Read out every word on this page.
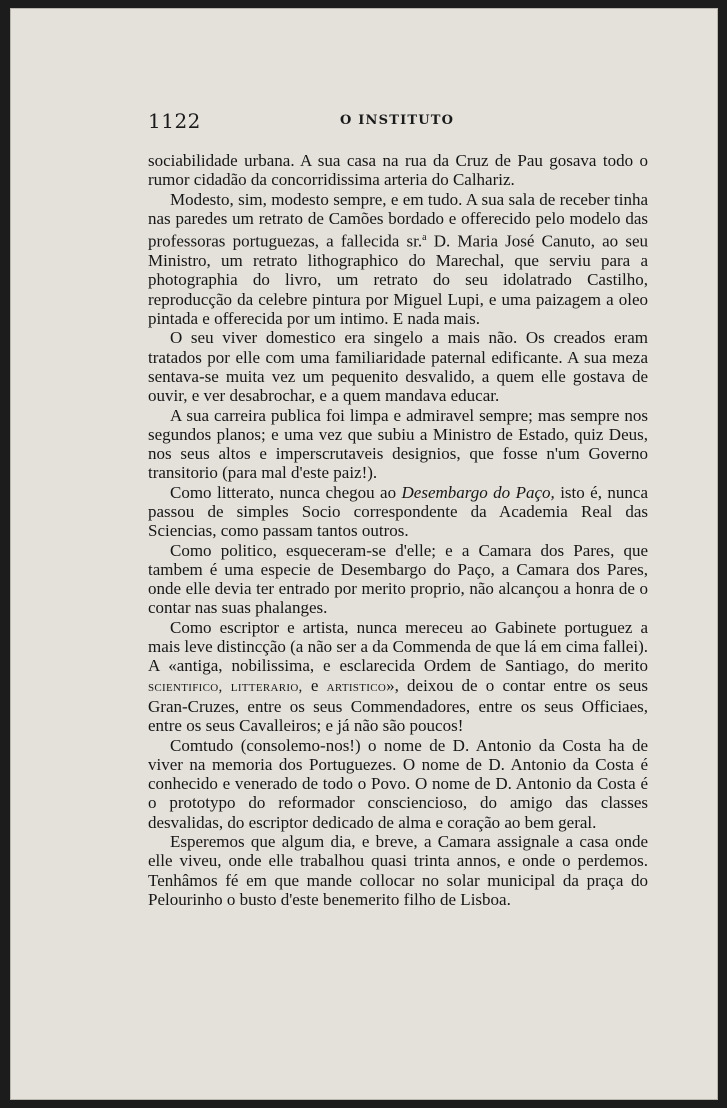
1122	O INSTITUTO

sociabilidade urbana. A sua casa na rua da Cruz de Pau gosava todo o rumor cidadão da concorridissima arteria do Calhariz.

Modesto, sim, modesto sempre, e em tudo. A sua sala de receber tinha nas paredes um retrato de Camões bordado e offerecido pelo modelo das professoras portuguezas, a fallecida sr.$^a$ D. Maria José Canuto, ao seu Ministro, um retrato lithographico do Marechal, que serviu para a photographia do livro, um retrato do seu idolatrado Castilho, reproducção da celebre pintura por Miguel Lupi, e uma paizagem a oleo pintada e offerecida por um intimo. E nada mais.

O seu viver domestico era singelo a mais não. Os creados eram tratados por elle com uma familiaridade paternal edificante. A sua meza sentava-se muita vez um pequenito desvalido, a quem elle gostava de ouvir, e ver desabrochar, e a quem mandava educar.

A sua carreira publica foi limpa e admiravel sempre; mas sempre nos segundos planos; e uma vez que subiu a Ministro de Estado, quiz Deus, nos seus altos e imperscrutaveis designios, que fosse n'um Governo transitorio (para mal d'este paiz!).

Como litterato, nunca chegou ao Desembargo do Paço, isto é, nunca passou de simples Socio correspondente da Academia Real das Sciencias, como passam tantos outros.

Como politico, esqueceram-se d'elle; e a Camara dos Pares, que tambem é uma especie de Desembargo do Paço, a Camara dos Pares, onde elle devia ter entrado por merito proprio, não alcançou a honra de o contar nas suas phalanges.

Como escriptor e artista, nunca mereceu ao Gabinete portuguez a mais leve distincção (a não ser a da Commenda de que lá em cima fallei). A «antiga, nobilissima, e esclarecida Ordem de Santiago, do merito scientifico, litterario, e artistico», deixou de o contar entre os seus Gran-Cruzes, entre os seus Commendadores, entre os seus Officiaes, entre os seus Cavalleiros; e já não são poucos!

Comtudo (consolemo-nos!) o nome de D. Antonio da Costa ha de viver na memoria dos Portuguezes. O nome de D. Antonio da Costa é conhecido e venerado de todo o Povo. O nome de D. Antonio da Costa é o prototypo do reformador consciencioso, do amigo das classes desvalidas, do escriptor dedicado de alma e coração ao bem geral.

Esperemos que algum dia, e breve, a Camara assignale a casa onde elle viveu, onde elle trabalhou quasi trinta annos, e onde o perdemos. Tenhâmos fé em que mande collocar no solar municipal da praça do Pelourinho o busto d'este benemerito filho de Lisboa.
